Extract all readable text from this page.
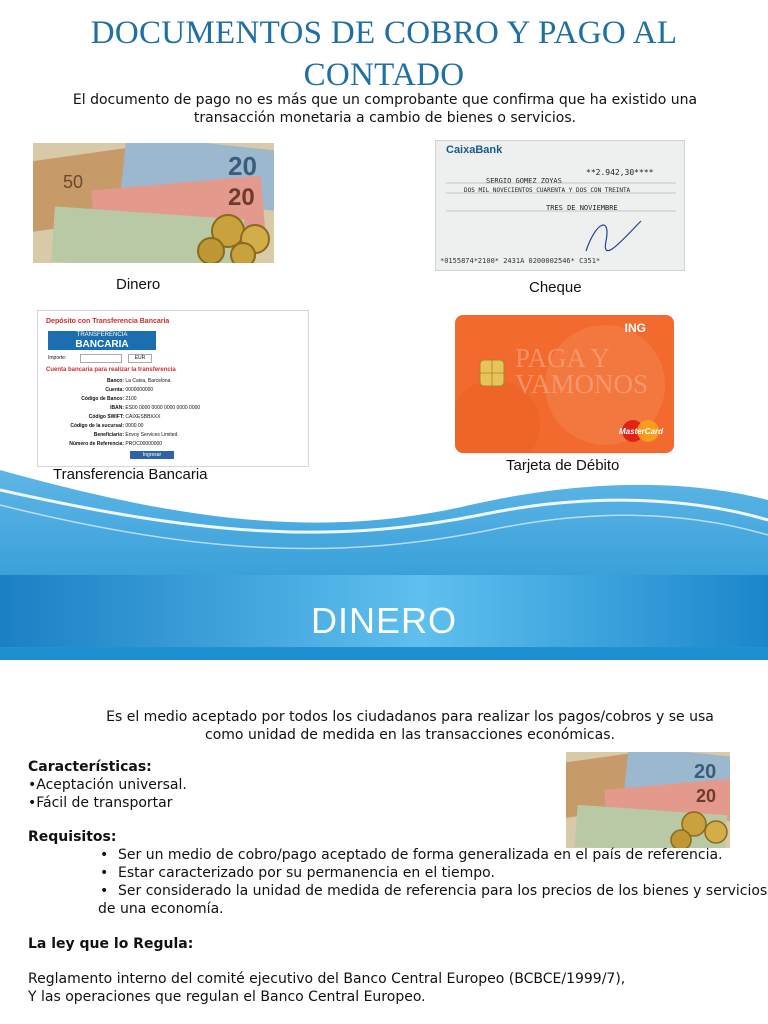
DOCUMENTOS DE COBRO Y PAGO AL
CONTADO
El documento de pago no es más que un comprobante que confirma que ha existido una
transacción monetaria a cambio de bienes o servicios.
20
20
50
Dinero
CaixaBank
**2.942,30****
SERGIO GOMEZ ZOYAS
DOS MIL NOVECIENTOS CUARENTA Y DOS CON TREINTA
TRES DE NOVIEMBRE
*0155874*2100* 2431A 0200002546* C351*
Cheque
Depósito con Transferencia Bancaria
TRANSFERENCIA
BANCARIA
Importe:	EUR
Cuenta bancaria para realizar la transferencia
Banco: La Caixa, Barcelona
Cuenta: 0000000000
Código de Banco: 2100
IBAN: ES00 0000 0000 0000 0000 0000
Código SWIFT: CAIXESBBXXX
Código de la sucursal: 0000 00
Beneficiario: Envoy Services Limited
Número de Referencia: PROC00000000
Ingresar
Transferencia Bancaria
ING
PAGA Y VAMONOS
MasterCard
Tarjeta de Débito
DINERO
Es el medio aceptado por todos los ciudadanos para realizar los pagos/cobros y se usa
como unidad de medida en las transacciones económicas.
20
20
Características:
•Aceptación universal.
•Fácil de transportar
Requisitos:
• Ser un medio de cobro/pago aceptado de forma generalizada en el país de referencia.
• Estar caracterizado por su permanencia en el tiempo.
• Ser considerado la unidad de medida de referencia para los precios de los bienes y servicios
de una economía.
La ley que lo Regula:
Reglamento interno del comité ejecutivo del Banco Central Europeo (BCBCE/1999/7),
Y las operaciones que regulan el Banco Central Europeo.
